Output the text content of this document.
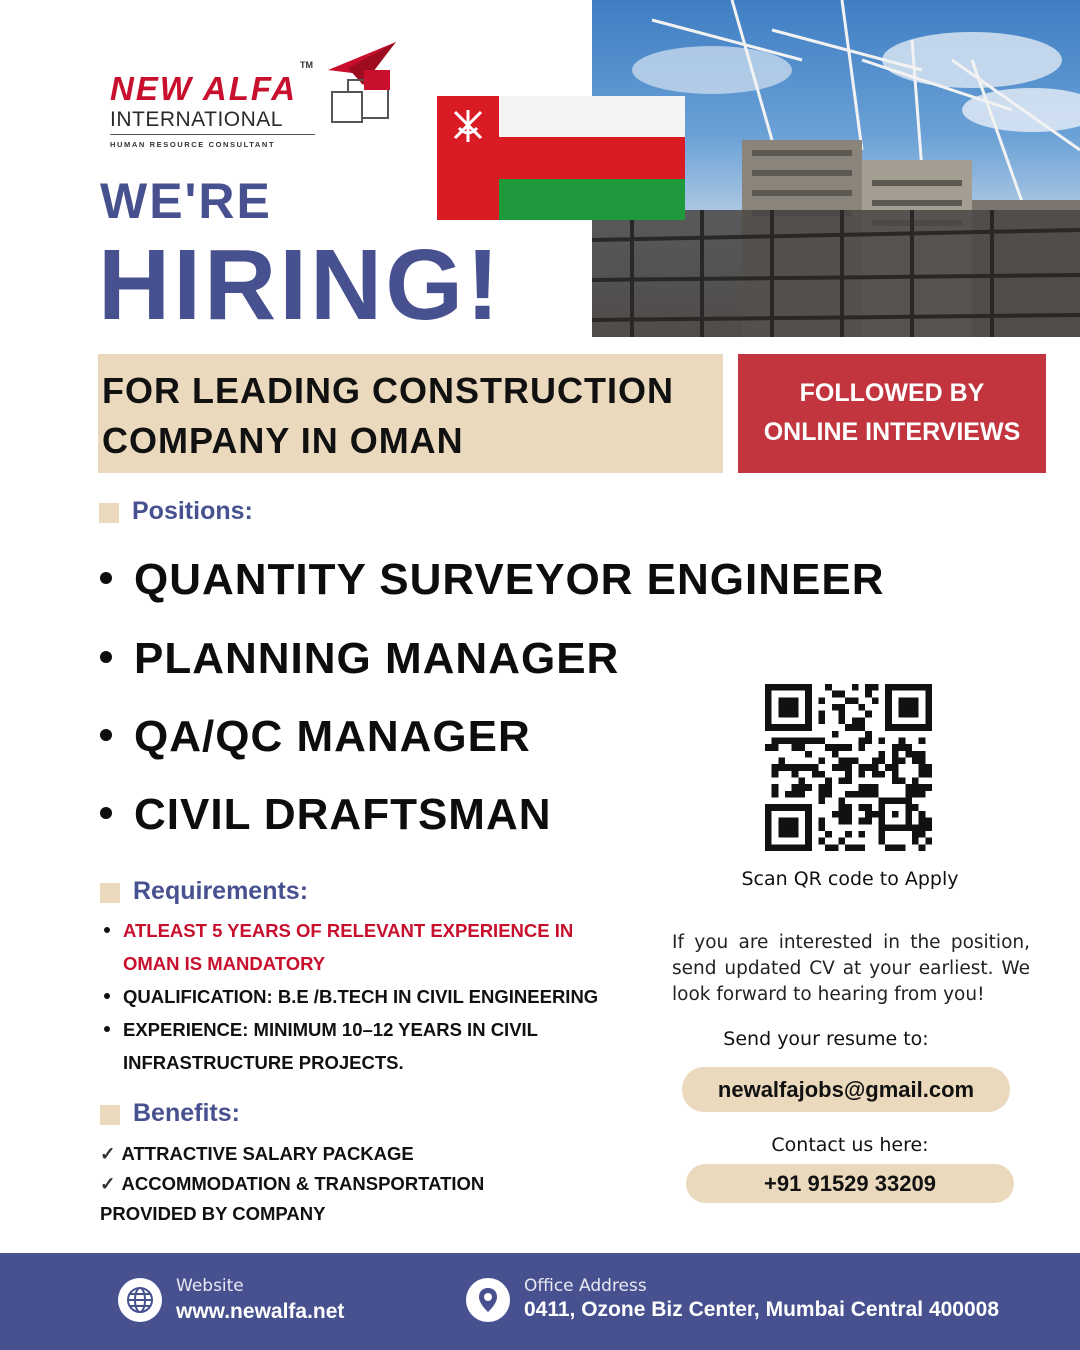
NEW ALFA
TM
INTERNATIONAL
HUMAN RESOURCE CONSULTANT
WE'RE
HIRING!
FOR LEADING CONSTRUCTION
COMPANY IN OMAN
FOLLOWED BY
ONLINE INTERVIEWS
Positions:
QUANTITY SURVEYOR ENGINEER
PLANNING MANAGER
QA/QC MANAGER
CIVIL DRAFTSMAN
Requirements:
ATLEAST 5 YEARS OF RELEVANT EXPERIENCE IN
OMAN IS MANDATORY
QUALIFICATION: B.E /B.TECH IN CIVIL ENGINEERING
EXPERIENCE: MINIMUM 10–12 YEARS IN CIVIL
INFRASTRUCTURE PROJECTS.
Benefits:
✓ ATTRACTIVE SALARY PACKAGE
✓ ACCOMMODATION & TRANSPORTATION
PROVIDED BY COMPANY
Scan QR code to Apply
If you are interested in the position, send updated CV at your earliest. We look forward to hearing from you!
Send your resume to:
newalfajobs@gmail.com
Contact us here:
+91 91529 33209
Website
www.newalfa.net
Office Address
0411, Ozone Biz Center, Mumbai Central 400008
